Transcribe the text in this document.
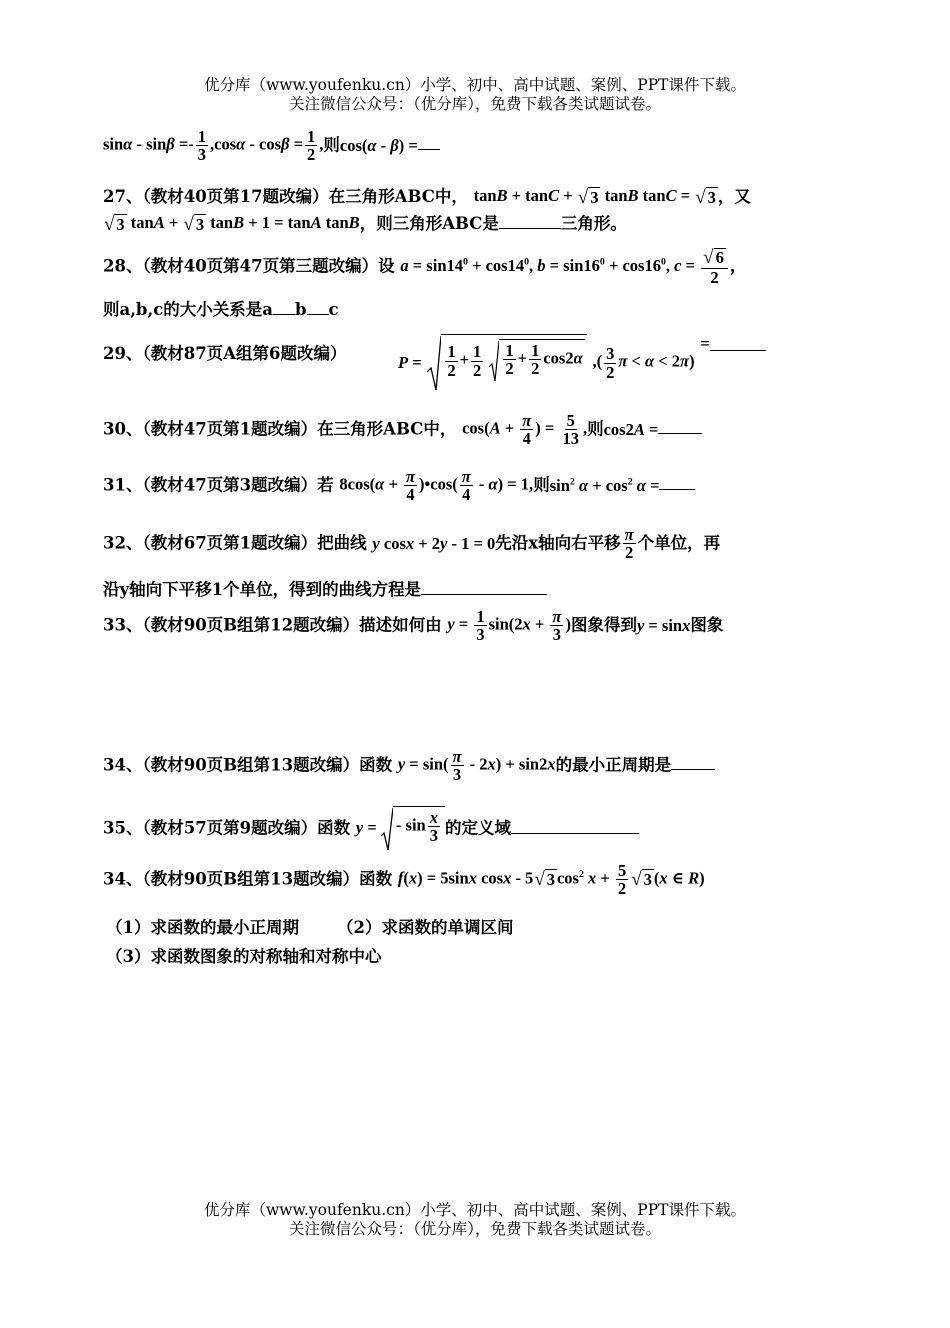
优分库（www.youfenku.cn）小学、初中、高中试题、案例、PPT课件下载。
关注微信公众号：（优分库），免费下载各类试题试卷。
$\sin\alpha - \sin\beta =- \frac{1}{3} ,\cos\alpha - \cos\beta = \frac{1}{2}$ ,则cos(α - β) =
27、（教材40页第17题改编）在三角形ABC中， tanB + tanC + √ 3 tanB tanC = √ 3 ，又
√ 3 tanA + √ 3 tanB + 1 = tanA tanB，则三角形ABC是	三角形。
28、（教材40页第47页第三题改编）设 $a = \sin 14^0 + \cos 14^0$, $b = \sin 16^0 + \cos 16^0$, $c = \frac{√ 6}{2}$ ，
则a,b,c的大小关系是a b c
29、（教材87页A组第6题改编）	$P = \frac{1}{2} + \frac{1}{2}$
$\frac{1}{2} + \frac{1}{2} \cos 2\alpha$ ,( $\frac{3}{2}$ π < α < 2π) =
30、（教材47页第1题改编）在三角形ABC中， $\cos(A + \frac{\pi}{4}$ ) = $\frac{5}{13}$ ,则cos2A =
31、（教材47页第3题改编）若 $8\cos(\alpha + \frac{\pi}{4}$ )•cos( $\frac{\pi}{4} - \alpha) = 1$,则$\sin^2 \alpha + \cos^2 \alpha$ =
32、（教材67页第1题改编）把曲线 y cosx + 2y - 1 = 0先沿x轴向右平移 $\frac{\pi}{2}$ 个单位，再
沿y轴向下平移1个单位，得到的曲线方程是
33、（教材90页B组第12题改编）描述如何由 $y = \frac{1}{3} \sin(2x + \frac{\pi}{3}$ )图象得到y = sinx图象
34、（教材90页B组第13题改编）函数 $y = \sin( \frac{\pi}{3} - 2x) + \sin 2x$的最小正周期是
35、（教材57页第9题改编）函数 y = - $\sin \frac{x}{3}$ 的定义域
34、（教材90页B组第13题改编）函数 f(x) = 5sinx cosx - 5√ 3 $\cos^2 x + \frac{5}{2}$ √ 3 (x ∈ R)
（1）求函数的最小正周期 （2）求函数的单调区间
（3）求函数图象的对称轴和对称中心
优分库（www.youfenku.cn）小学、初中、高中试题、案例、PPT课件下载。
关注微信公众号：（优分库），免费下载各类试题试卷。
